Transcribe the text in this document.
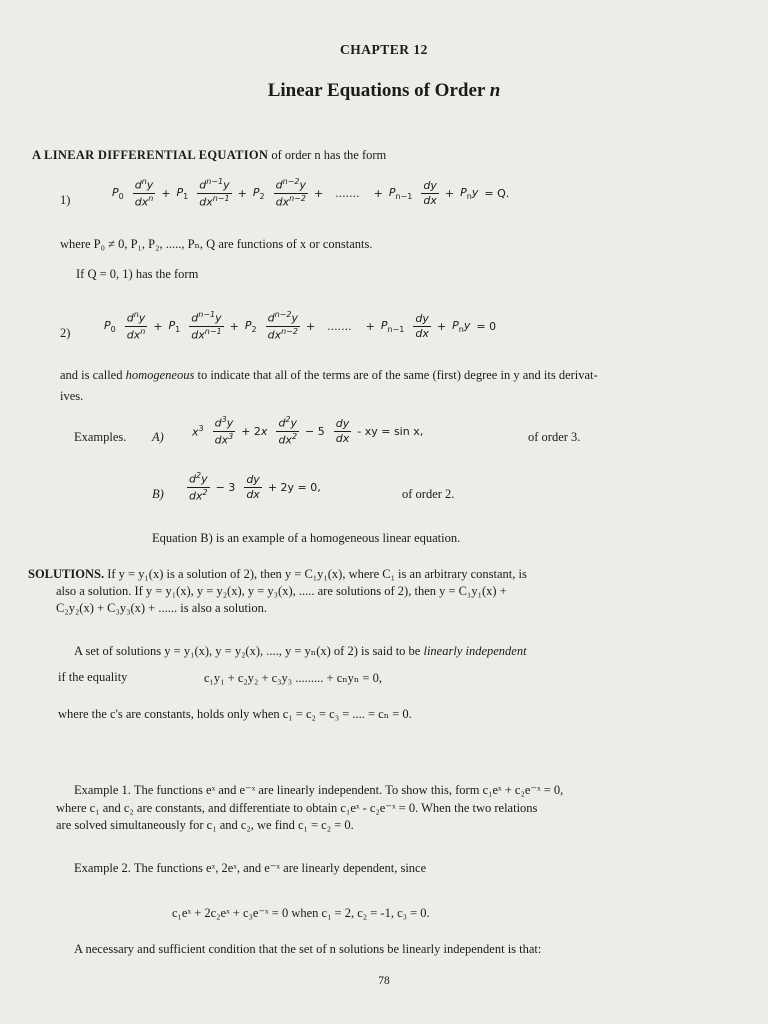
CHAPTER 12
Linear Equations of Order n
A LINEAR DIFFERENTIAL EQUATION of order n has the form
1)
$P_0 \frac{d^ny}{dx^n} + P_1 \frac{d^{n-1}y}{dx^{n-1}} + P_2 \frac{d^{n-2}y}{dx^{n-2}}$ + ....... + $P_{n-1} \frac{dy}{dx} + P_ny = Q$.
where P₀ ≠ 0, P₁, P₂, ....., Pₙ, Q are functions of x or constants.
If Q = 0, 1) has the form
2)
$P_0 \frac{d^ny}{dx^n} + P_1 \frac{d^{n-1}y}{dx^{n-1}} + P_2 \frac{d^{n-2}y}{dx^{n-2}}$ + ....... + $P_{n-1} \frac{dy}{dx} + P_ny = 0$
and is called homogeneous to indicate that all of the terms are of the same (first) degree in y and its derivat-
ives.
Examples. A)	$x^3 \frac{d^3y}{dx^3} + 2x \frac{d^2y}{dx^2} - 5 \frac{dy}{dx}$ - xy = sin x,	of order 3.
$B) \frac{d^2y}{dx^2} - 3 \frac{dy}{dx} + 2y = 0$,	of order 2.
Equation B) is an example of a homogeneous linear equation.
SOLUTIONS. If y = y₁(x) is a solution of 2), then y = C₁y₁(x), where C₁ is an arbitrary constant, is
also a solution. If y = y₁(x), y = y₂(x), y = y₃(x), ..... are solutions of 2), then y = C₁y₁(x) +
C₂y₂(x) + C₃y₃(x) + ...... is also a solution.
A set of solutions y = y₁(x), y = y₂(x), ...., y = yₙ(x) of 2) is said to be linearly independent
if the equality	c₁y₁ + c₂y₂ + c₃y₃ ......... + cₙyₙ = 0,
where the c's are constants, holds only when c₁ = c₂ = c₃ = .... = cₙ = 0.
Example 1. The functions eˣ and e⁻ˣ are linearly independent. To show this, form c₁eˣ + c₂e⁻ˣ = 0,
where c₁ and c₂ are constants, and differentiate to obtain c₁eˣ - c₂e⁻ˣ = 0. When the two relations
are solved simultaneously for c₁ and c₂, we find c₁ = c₂ = 0.
Example 2. The functions eˣ, 2eˣ, and e⁻ˣ are linearly dependent, since
c₁eˣ + 2c₂eˣ + c₃e⁻ˣ = 0 when c₁ = 2, c₂ = -1, c₃ = 0.
A necessary and sufficient condition that the set of n solutions be linearly independent is that:
78
